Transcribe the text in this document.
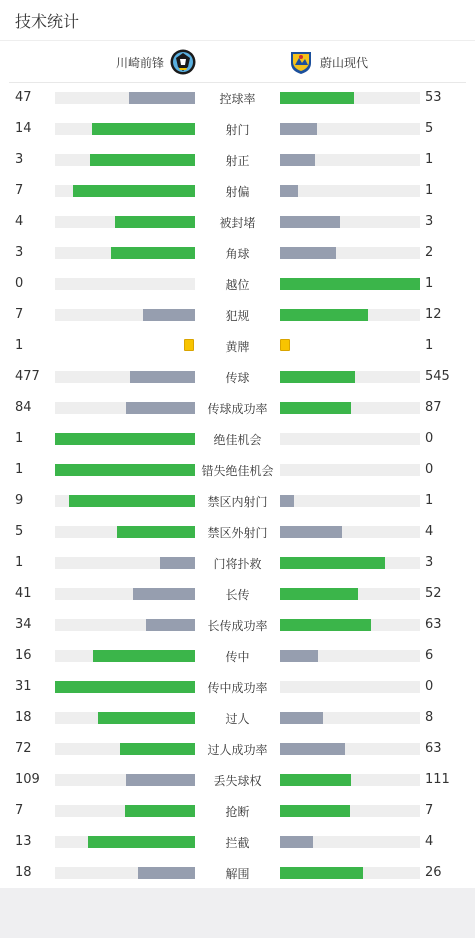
技术统计
川崎前锋	蔚山现代
47	控球率	53
14	射门	5
3	射正	1
7	射偏	1
4	被封堵	3
3	角球	2
0	越位	1
7	犯规	12
1	黄牌	1
477	传球	545
84	传球成功率	87
1	绝佳机会	0
1	错失绝佳机会	0
9	禁区内射门	1
5	禁区外射门	4
1	门将扑救	3
41	长传	52
34	长传成功率	63
16	传中	6
31	传中成功率	0
18	过人	8
72	过人成功率	63
109	丢失球权	111
7	抢断	7
13	拦截	4
18	解围	26
